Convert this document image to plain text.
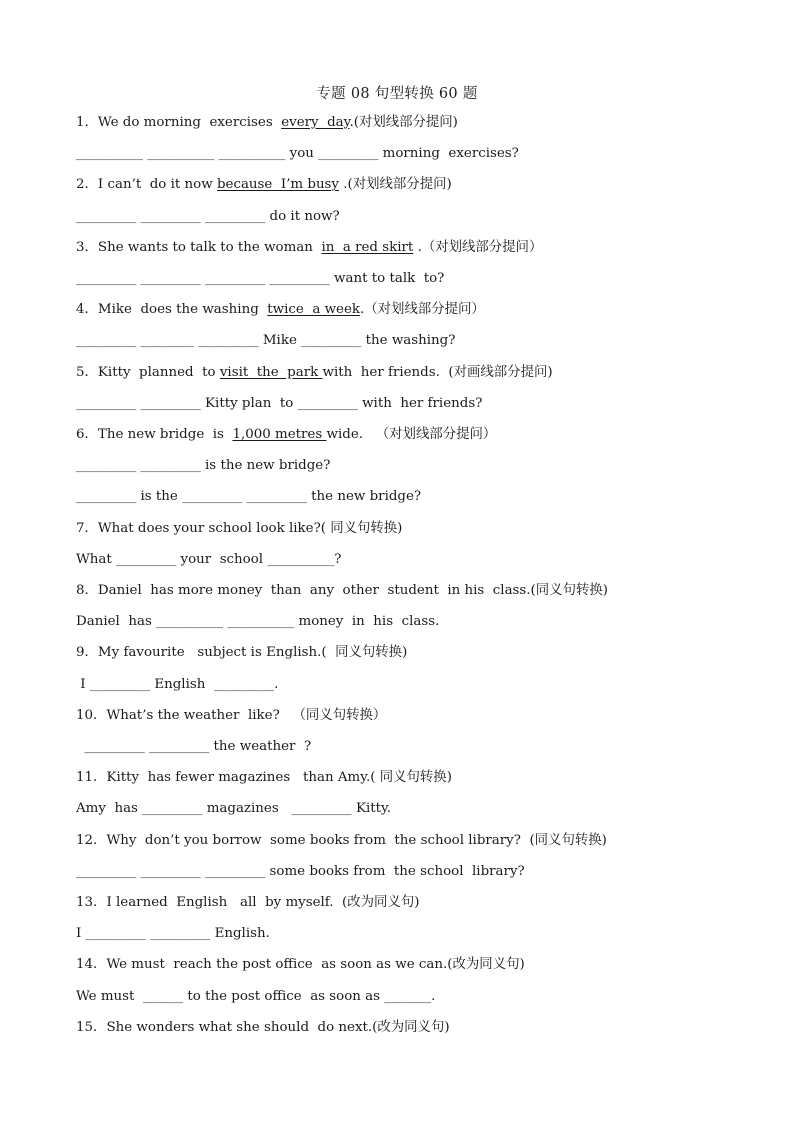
专题 08 句型转换 60 题
1．We do morning  exercises  every  day.(对划线部分提问)
__________ __________ __________ you _________ morning  exercises?
2．I can’t  do it now because  I’m busy .(对划线部分提问)
_________ _________ _________ do it now?
3．She wants to talk to the woman  in  a red skirt .（对划线部分提问）
_________ _________ _________ _________ want to talk  to?
4．Mike  does the washing  twice  a week.（对划线部分提问）
_________ ________ _________ Mike _________ the washing?
5．Kitty  planned  to visit  the  park with  her friends.  (对画线部分提问)
_________ _________ Kitty plan  to _________ with  her friends?
6．The new bridge  is  1,000 metres wide.   （对划线部分提问）
_________ _________ is the new bridge?
_________ is the _________ _________ the new bridge?
7．What does your school look like?( 同义句转换)
What _________ your  school __________?
8．Daniel  has more money  than  any  other  student  in his  class.(同义句转换)
Daniel  has __________ __________ money  in  his  class.
9．My favourite   subject is English.(  同义句转换)
I _________ English  _________.
10．What’s the weather  like?   （同义句转换）
_________ _________ the weather  ?
11．Kitty  has fewer magazines   than Amy.( 同义句转换)
Amy  has _________ magazines   _________ Kitty.
12．Why  don’t you borrow  some books from  the school library?  (同义句转换)
_________ _________ _________ some books from  the school  library?
13．I learned  English   all  by myself.  (改为同义句)
I _________ _________ English.
14．We must  reach the post office  as soon as we can.(改为同义句)
We must  ______ to the post office  as soon as _______.
15．She wonders what she should  do next.(改为同义句)
